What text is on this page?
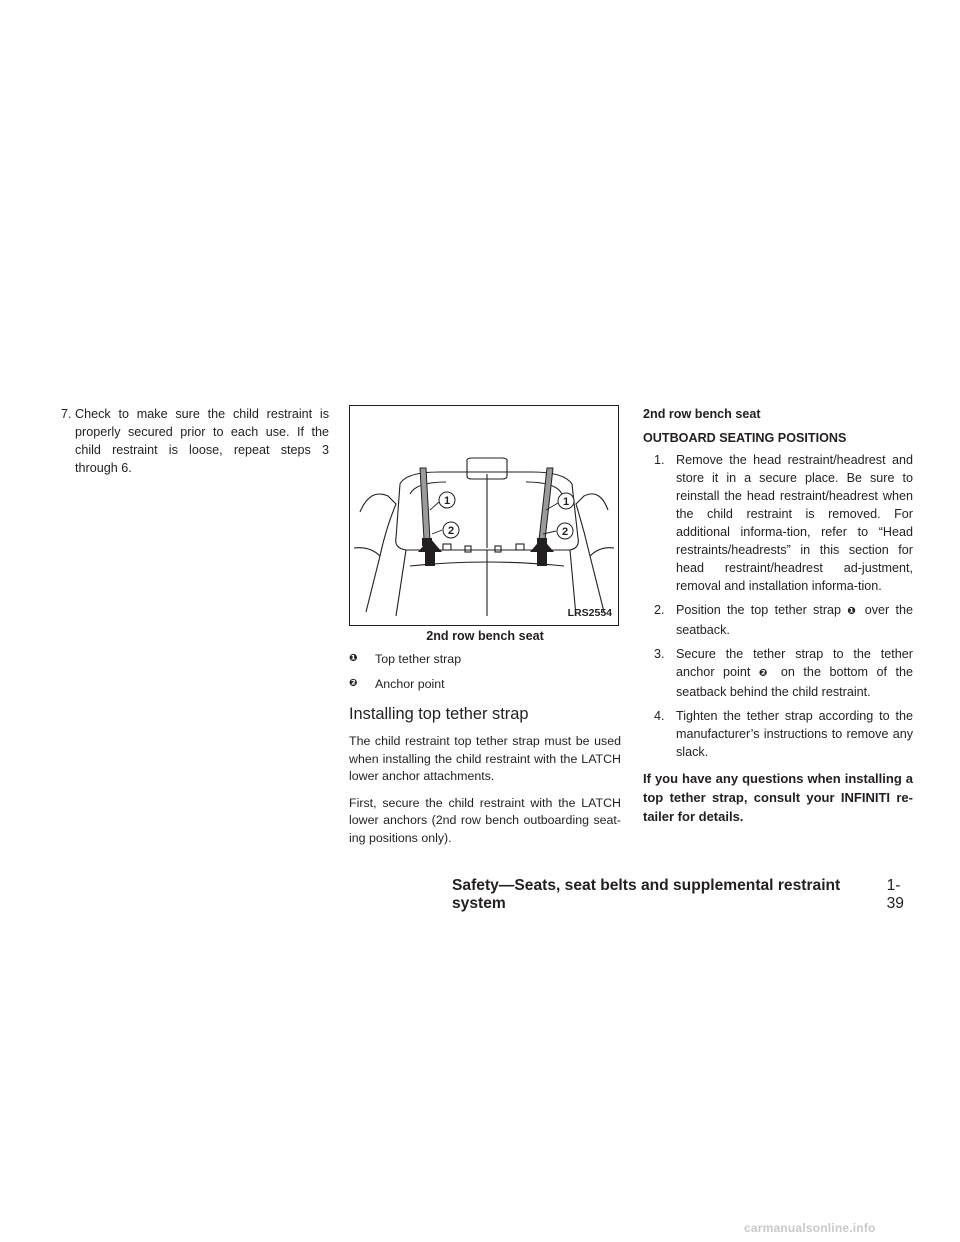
7.
Check to make sure the child restraint is properly secured prior to each use. If the child restraint is loose, repeat steps 3 through 6.
1
2
1
2
LRS2554
2nd row bench seat
❶	Top tether strap
❷	Anchor point
Installing top tether strap

The child restraint top tether strap must be used when installing the child restraint with the LATCH lower anchor attachments.

First, secure the child restraint with the LATCH lower anchors (2nd row bench outboarding seat-ing positions only).

2nd row bench seat
OUTBOARD SEATING POSITIONS
1. Remove the head restraint/headrest and store it in a secure place. Be sure to reinstall the head restraint/headrest when the child restraint is removed. For additional informa-tion, refer to “Head restraints/headrests” in this section for head restraint/headrest ad-justment, removal and installation informa-tion.
2. Position the top tether strap ❶ over the seatback.
3. Secure the tether strap to the tether anchor point ❷ on the bottom of the seatback behind the child restraint.
4. Tighten the tether strap according to the manufacturer’s instructions to remove any slack.
If you have any questions when installing a top tether strap, consult your INFINITI re-tailer for details.
Safety—Seats, seat belts and supplemental restraint system
1-39
carmanualsonline.info
